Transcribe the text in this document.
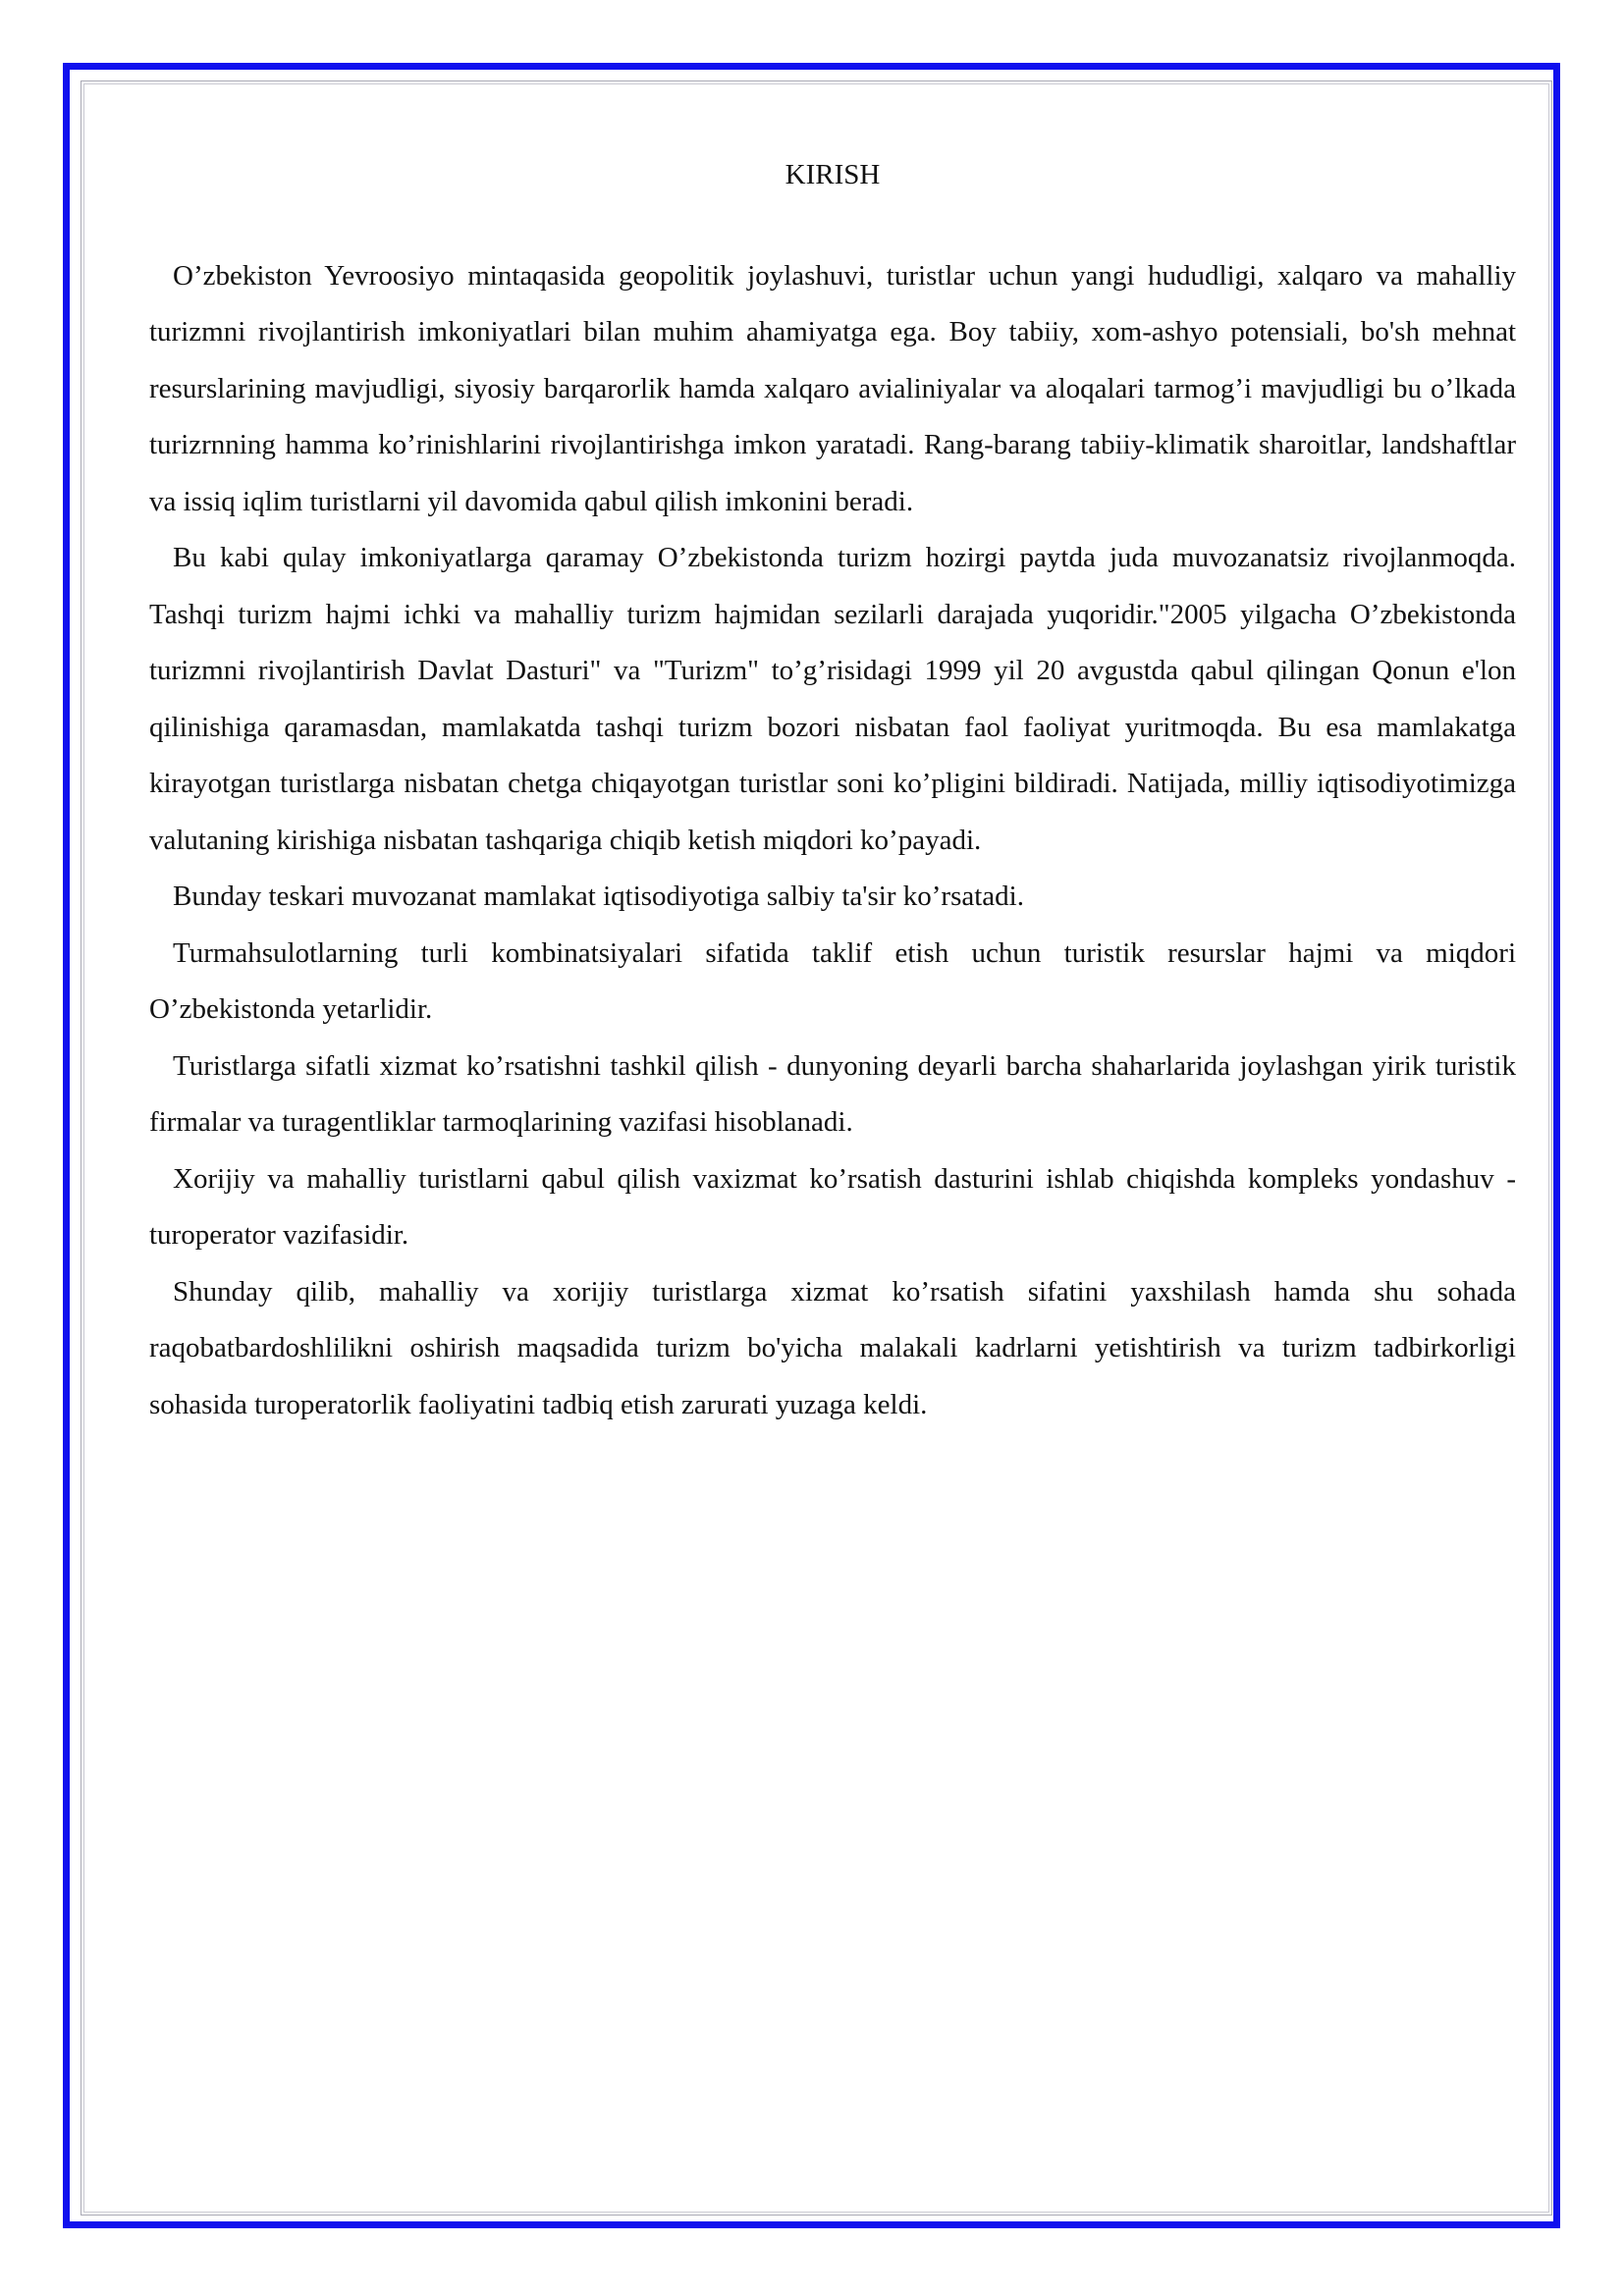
KIRISH

O’zbekiston Yevroosiyo mintaqasida geopolitik joylashuvi, turistlar uchun yangi hududligi, xalqaro va mahalliy turizmni rivojlantirish imkoniyatlari bilan muhim ahamiyatga ega. Boy tabiiy, xom-ashyo potensiali, bo'sh mehnat resurslarining mavjudligi, siyosiy barqarorlik hamda xalqaro avialiniyalar va aloqalari tarmog’i mavjudligi bu o’lkada turizrnning hamma ko’rinishlarini rivojlantirishga imkon yaratadi. Rang-barang tabiiy-klimatik sharoitlar, landshaftlar va issiq iqlim turistlarni yil davomida qabul qilish imkonini beradi.

Bu kabi qulay imkoniyatlarga qaramay O’zbekistonda turizm hozirgi paytda juda muvozanatsiz rivojlanmoqda. Tashqi turizm hajmi ichki va mahalliy turizm hajmidan sezilarli darajada yuqoridir."2005 yilgacha O’zbekistonda turizmni rivojlantirish Davlat Dasturi" va "Turizm" to’g’risidagi 1999 yil 20 avgustda qabul qilingan Qonun e'lon qilinishiga qaramasdan, mamlakatda tashqi turizm bozori nisbatan faol faoliyat yuritmoqda. Bu esa mamlakatga kirayotgan turistlarga nisbatan chetga chiqayotgan turistlar soni ko’pligini bildiradi. Natijada, milliy iqtisodiyotimizga valutaning kirishiga nisbatan tashqariga chiqib ketish miqdori ko’payadi.

Bunday teskari muvozanat mamlakat iqtisodiyotiga salbiy ta'sir ko’rsatadi.

Turmahsulotlarning turli kombinatsiyalari sifatida taklif etish uchun turistik resurslar hajmi va miqdori O’zbekistonda yetarlidir.

Turistlarga sifatli xizmat ko’rsatishni tashkil qilish - dunyoning deyarli barcha shaharlarida joylashgan yirik turistik firmalar va turagentliklar tarmoqlarining vazifasi hisoblanadi.

Xorijiy va mahalliy turistlarni qabul qilish vaxizmat ko’rsatish dasturini ishlab chiqishda kompleks yondashuv - turoperator vazifasidir.

Shunday qilib, mahalliy va xorijiy turistlarga xizmat ko’rsatish sifatini yaxshilash hamda shu sohada raqobatbardoshlilikni oshirish maqsadida turizm bo'yicha malakali kadrlarni yetishtirish va turizm tadbirkorligi sohasida turoperatorlik faoliyatini tadbiq etish zarurati yuzaga keldi.
